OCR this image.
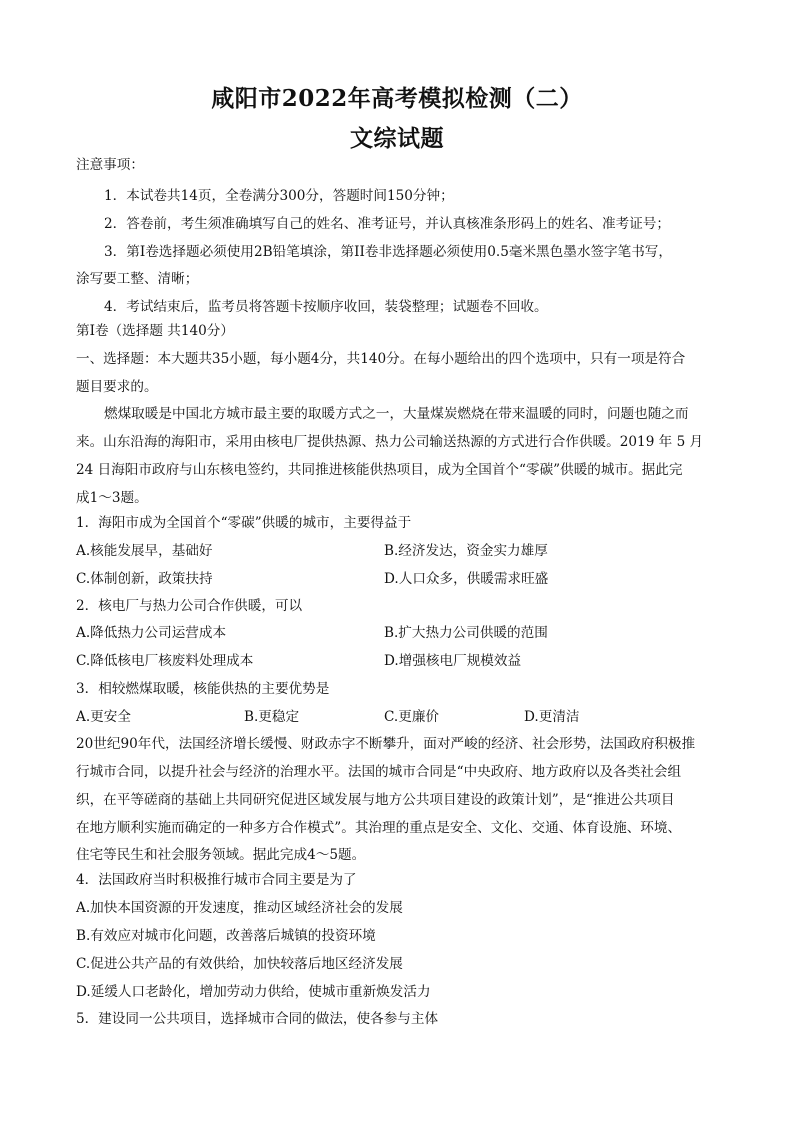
咸阳市2022年高考模拟检测（二）
文综试题
注意事项：
1．本试卷共14页，全卷满分300分，答题时间150分钟；
2．答卷前，考生须准确填写自己的姓名、准考证号，并认真核准条形码上的姓名、准考证号；
3．第Ⅰ卷选择题必须使用2B铅笔填涂，第II卷非选择题必须使用0.5毫米黑色墨水签字笔书写，
涂写要工整、清晰；
4．考试结束后，监考员将答题卡按顺序收回，装袋整理；试题卷不回收。
第Ⅰ卷（选择题 共140分）
一、选择题：本大题共35小题，每小题4分，共140分。在每小题给出的四个选项中，只有一项是符合
题目要求的。
燃煤取暖是中国北方城市最主要的取暖方式之一，大量煤炭燃烧在带来温暖的同时，问题也随之而
来。山东沿海的海阳市，采用由核电厂提供热源、热力公司输送热源的方式进行合作供暖。2019 年 5 月
24 日海阳市政府与山东核电签约，共同推进核能供热项目，成为全国首个“零碳”供暖的城市。据此完
成1～3题。
1．海阳市成为全国首个“零碳”供暖的城市，主要得益于
A.核能发展早，基础好	B.经济发达，资金实力雄厚
C.体制创新，政策扶持	D.人口众多，供暖需求旺盛
2．核电厂与热力公司合作供暖，可以
A.降低热力公司运营成本	B.扩大热力公司供暖的范围
C.降低核电厂核废料处理成本	D.增强核电厂规模效益
3．相较燃煤取暖，核能供热的主要优势是
A.更安全	B.更稳定	C.更廉价	D.更清洁
20世纪90年代，法国经济增长缓慢、财政赤字不断攀升，面对严峻的经济、社会形势，法国政府积极推
行城市合同，以提升社会与经济的治理水平。法国的城市合同是“中央政府、地方政府以及各类社会组
织，在平等磋商的基础上共同研究促进区域发展与地方公共项目建设的政策计划”，是“推进公共项目
在地方顺利实施而确定的一种多方合作模式”。其治理的重点是安全、文化、交通、体育设施、环境、
住宅等民生和社会服务领域。据此完成4～5题。
4．法国政府当时积极推行城市合同主要是为了
A.加快本国资源的开发速度，推动区域经济社会的发展
B.有效应对城市化问题，改善落后城镇的投资环境
C.促进公共产品的有效供给，加快较落后地区经济发展
D.延缓人口老龄化，增加劳动力供给，使城市重新焕发活力
5．建设同一公共项目，选择城市合同的做法，使各参与主体
